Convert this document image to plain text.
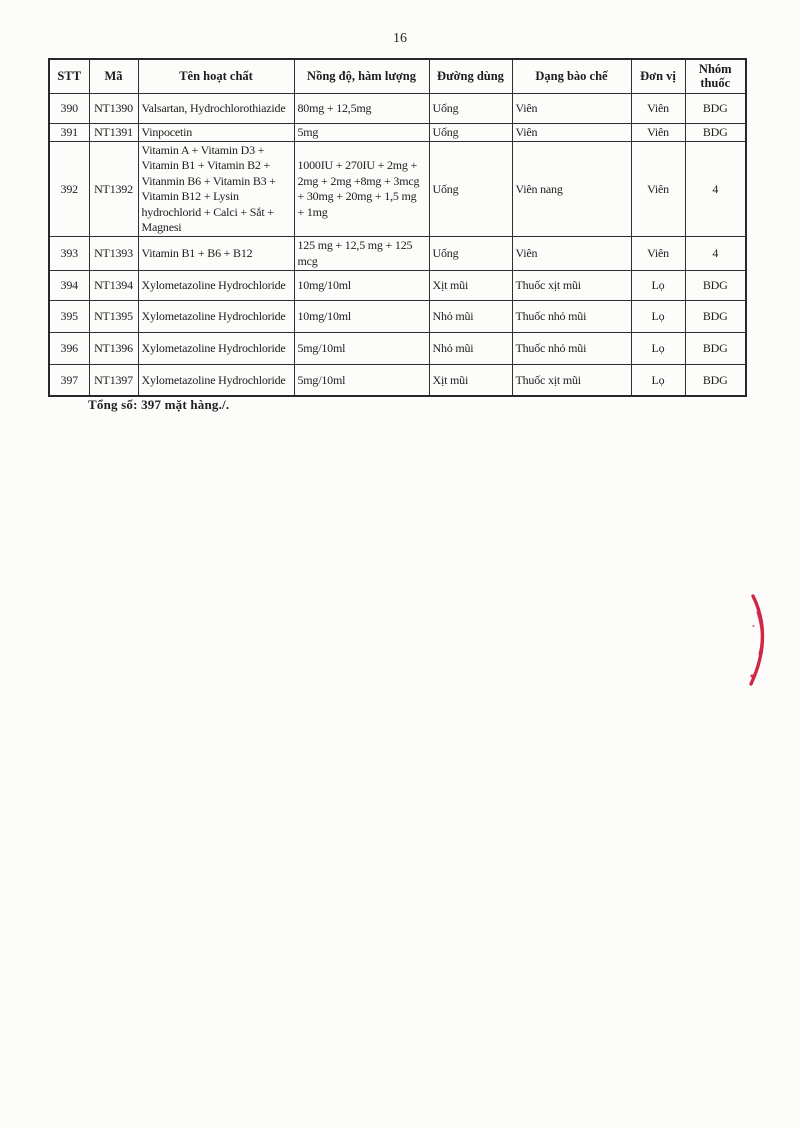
16
STT	Mã	Tên hoạt chất	Nồng độ, hàm lượng	Đường dùng	Dạng bào chế	Đơn vị	Nhóm thuốc
390	NT1390	Valsartan, Hydrochlorothiazide	80mg + 12,5mg	Uống	Viên	Viên	BDG
391	NT1391	Vinpocetin	5mg	Uống	Viên	Viên	BDG
392	NT1392	Vitamin A + Vitamin D3 + Vitamin B1 + Vitamin B2 + Vitanmin B6 + Vitamin B3 + Vitamin B12 + Lysin hydrochlorid + Calci + Sắt + Magnesi	1000IU + 270IU + 2mg + 2mg + 2mg +8mg + 3mcg + 30mg + 20mg + 1,5 mg + 1mg	Uống	Viên nang	Viên	4
393	NT1393	Vitamin B1 + B6 + B12	125 mg + 12,5 mg + 125 mcg	Uống	Viên	Viên	4
394	NT1394	Xylometazoline Hydrochloride	10mg/10ml	Xịt mũi	Thuốc xịt mũi	Lọ	BDG
395	NT1395	Xylometazoline Hydrochloride	10mg/10ml	Nhỏ mũi	Thuốc nhỏ mũi	Lọ	BDG
396	NT1396	Xylometazoline Hydrochloride	5mg/10ml	Nhỏ mũi	Thuốc nhỏ mũi	Lọ	BDG
397	NT1397	Xylometazoline Hydrochloride	5mg/10ml	Xịt mũi	Thuốc xịt mũi	Lọ	BDG
Tổng số: 397 mặt hàng./.
